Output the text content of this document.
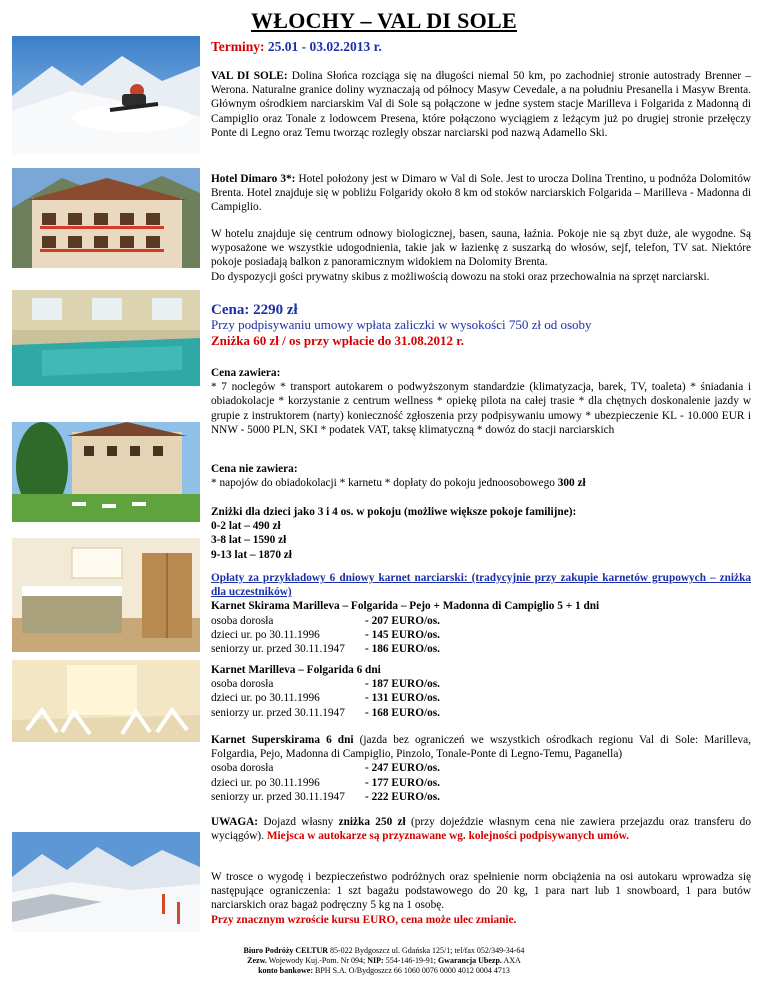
WŁOCHY – VAL DI SOLE
Terminy: 25.01 - 03.02.2013 r.

VAL DI SOLE: Dolina Słońca rozciąga się na długości niemal 50 km, po zachodniej stronie autostrady Brenner – Werona. Naturalne granice doliny wyznaczają od północy Masyw Cevedale, a na południu Presanella i Masyw Brenta. Głównym ośrodkiem narciarskim Val di Sole są połączone w jedne system stacje Marilleva i Folgarida z Madonną di Campiglio oraz Tonale z lodowcem Presena, które połączono wyciągiem z leżącym już po drugiej stronie przełęczy Ponte di Legno oraz Temu tworząc rozległy obszar narciarski pod nazwą Adamello Ski.

Hotel Dimaro 3*: Hotel położony jest w Dimaro w Val di Sole. Jest to urocza Dolina Trentino, u podnóża Dolomitów Brenta. Hotel znajduje się w pobliżu Folgaridy około 8 km od stoków narciarskich Folgarida – Marilleva - Madonna di Campiglio.

W hotelu znajduje się centrum odnowy biologicznej, basen, sauna, łaźnia. Pokoje nie są zbyt duże, ale wygodne. Są wyposażone we wszystkie udogodnienia, takie jak w łazienkę z suszarką do włosów, sejf, telefon, TV sat. Niektóre pokoje posiadają balkon z panoramicznym widokiem na Dolomity Brenta.
Do dyspozycji gości prywatny skibus z możliwością dowozu na stoki oraz przechowalnia na sprzęt narciarski.

Cena: 2290 zł
Przy podpisywaniu umowy wpłata zaliczki w wysokości 750 zł od osoby
Zniżka 60 zł / os przy wpłacie do 31.08.2012 r.

Cena zawiera:
* 7 noclegów * transport autokarem o podwyższonym standardzie (klimatyzacja, barek, TV, toaleta) * śniadania i obiadokolacje * korzystanie z centrum wellness * opiekę pilota na całej trasie * dla chętnych doskonalenie jazdy w grupie z instruktorem (narty) konieczność zgłoszenia przy podpisywaniu umowy * ubezpieczenie KL - 10.000 EUR i NNW - 5000 PLN, SKI * podatek VAT, taksę klimatyczną * dowóz do stacji narciarskich

Cena nie zawiera:
* napojów do obiadokolacji * karnetu * dopłaty do pokoju jednoosobowego 300 zł

Zniżki dla dzieci jako 3 i 4 os. w pokoju (możliwe większe pokoje familijne):
0-2 lat – 490 zł
3-8 lat – 1590 zł
9-13 lat – 1870 zł

Opłaty za przykładowy 6 dniowy karnet narciarski: (tradycyjnie przy zakupie karnetów grupowych – zniżka dla uczestników)

Karnet Skirama Marilleva – Folgarida – Pejo + Madonna di Campiglio 5 + 1 dni

osoba dorosła	- 207 EURO/os.
dzieci ur. po 30.11.1996	- 145 EURO/os.
seniorzy ur. przed 30.11.1947	- 186 EURO/os.

Karnet Marilleva – Folgarida 6 dni

osoba dorosła	- 187 EURO/os.
dzieci ur. po 30.11.1996	- 131 EURO/os.
seniorzy ur. przed 30.11.1947	- 168 EURO/os.

Karnet Superskirama 6 dni (jazda bez ograniczeń we wszystkich ośrodkach regionu Val di Sole: Marilleva, Folgardia, Pejo, Madonna di Campiglio, Pinzolo, Tonale-Ponte di Legno-Temu, Paganella)

osoba dorosła	- 247 EURO/os.
dzieci ur. po 30.11.1996	- 177 EURO/os.
seniorzy ur. przed 30.11.1947	- 222 EURO/os.

UWAGA: Dojazd własny zniżka 250 zł (przy dojeździe własnym cena nie zawiera przejazdu oraz transferu do wyciągów). Miejsca w autokarze są przyznawane wg. kolejności podpisywanych umów.

W trosce o wygodę i bezpieczeństwo podróżnych oraz spełnienie norm obciążenia na osi autokaru wprowadza się następujące ograniczenia: 1 szt bagażu podstawowego do 20 kg, 1 para nart lub 1 snowboard, 1 para butów narciarskich oraz bagaż podręczny 5 kg na 1 osobę.
Przy znacznym wzroście kursu EURO, cena może ulec zmianie.

Biuro Podróży CELTUR 85-022 Bydgoszcz ul. Gdańska 125/1; tel/fax 052/349-34-64
Zezw. Wojewody Kuj.-Pom. Nr 094; NIP: 554-146-19-91; Gwarancja Ubezp. AXA
konto bankowe: BPH S.A. O/Bydgoszcz 66 1060 0076 0000 4012 0004 4713
